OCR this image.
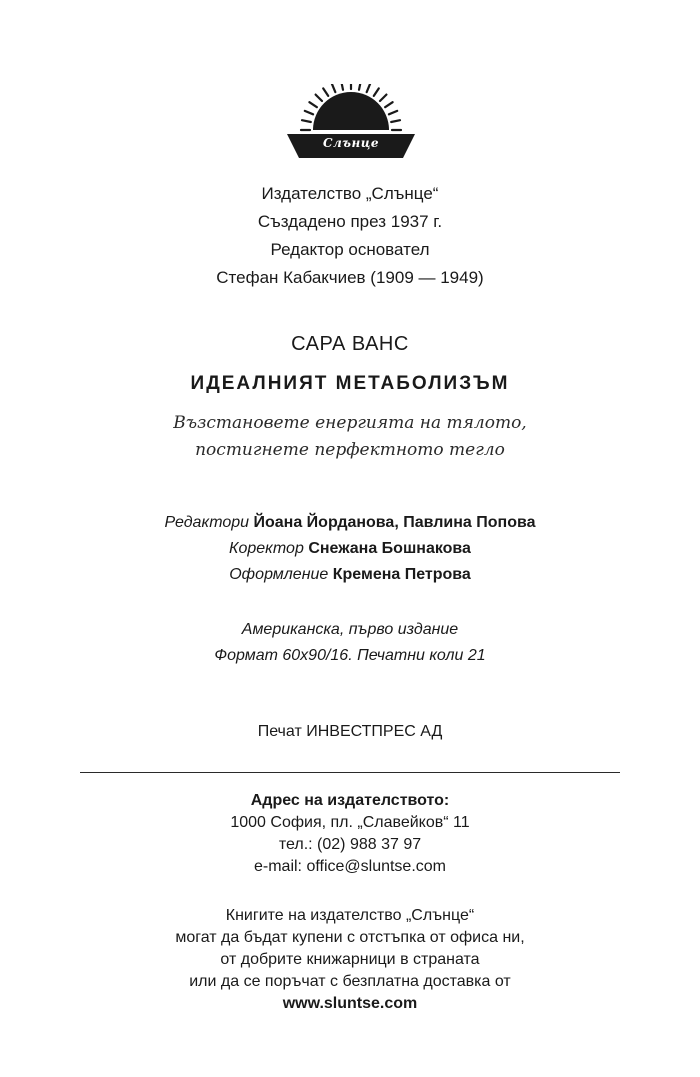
Слънце
Издателство „Слънце“
Създадено през 1937 г.
Редактор основател
Стефан Кабакчиев (1909 — 1949)
САРА ВАНС
ИДЕАЛНИЯТ МЕТАБОЛИЗЪМ
Възстановете енергията на тялото,
постигнете перфектното тегло
Редактори Йоана Йорданова, Павлина Попова
Коректор Снежана Бошнакова
Оформление Кремена Петрова
Американска, първо издание
Формат 60x90/16. Печатни коли 21
Печат ИНВЕСТПРЕС АД
Адрес на издателството:
1000 София, пл. „Славейков“ 11
тел.: (02) 988 37 97
e-mail: office@sluntse.com
Книгите на издателство „Слънце“
могат да бъдат купени с отстъпка от офиса ни,
от добрите книжарници в страната
или да се поръчат с безплатна доставка от
www.sluntse.com
